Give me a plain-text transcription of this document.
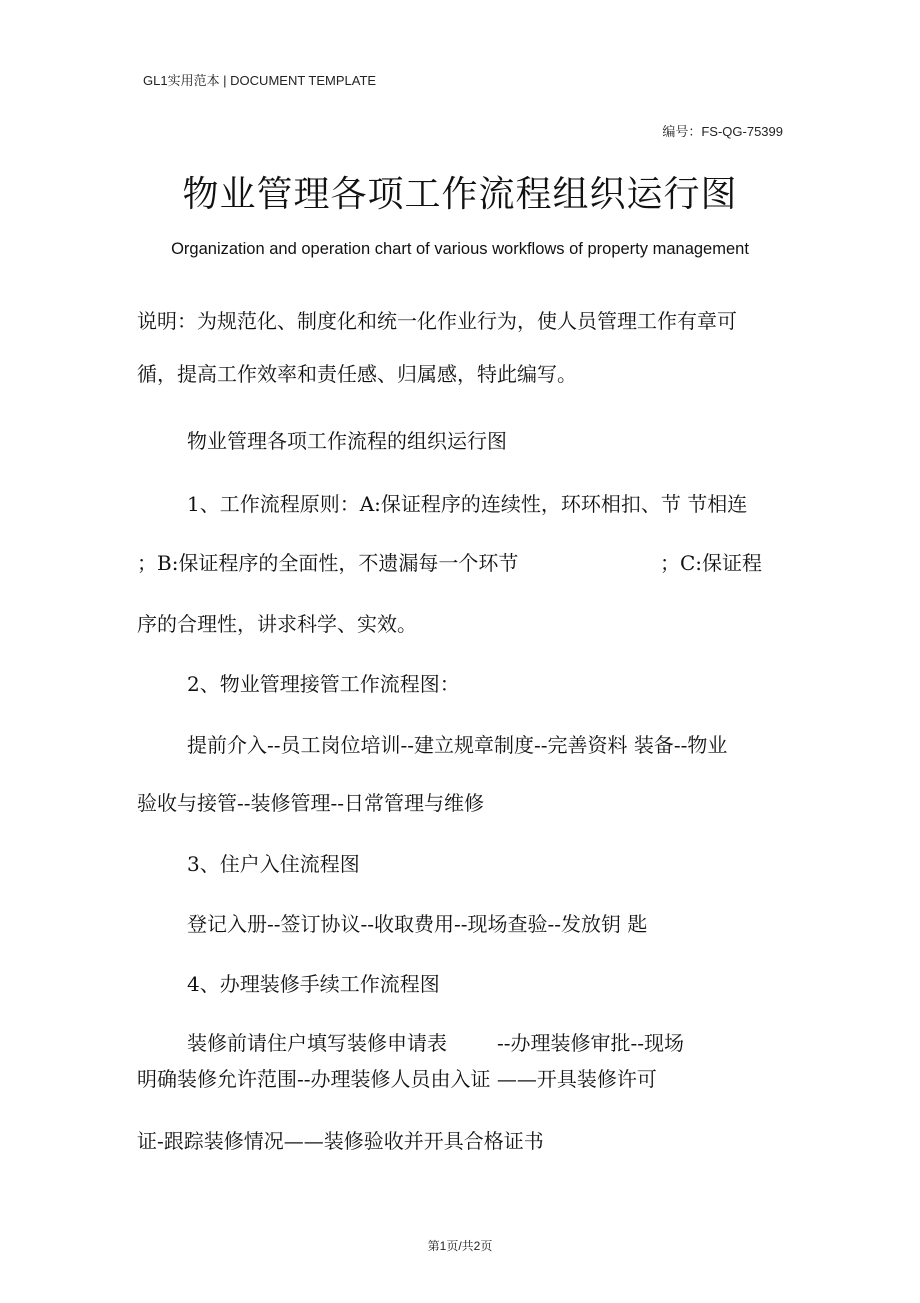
GL1实用范本 | DOCUMENT TEMPLATE
编号：FS-QG-75399
物业管理各项工作流程组织运行图
Organization and operation chart of various workflows of property management
说明：为规范化、制度化和统一化作业行为，使人员管理工作有章可
循，提高工作效率和责任感、归属感，特此编写。
物业管理各项工作流程的组织运行图
1、工作流程原则：A:保证程序的连续性，环环相扣、节 节相连
；B:保证程序的全面性，不遗漏每一个环节	；C:保证程
序的合理性，讲求科学、实效。
2、物业管理接管工作流程图：
提前介入--员工岗位培训--建立规章制度--完善资料 装备--物业
验收与接管--装修管理--日常管理与维修
3、住户入住流程图
登记入册--签订协议--收取费用--现场查验--发放钥 匙
4、办理装修手续工作流程图
装修前请住户填写装修申请表	--办理装修审批--现场
明确装修允许范围--办理装修人员由入证 ——开具装修许可
证-跟踪装修情况——装修验收并开具合格证书
第1页/共2页
